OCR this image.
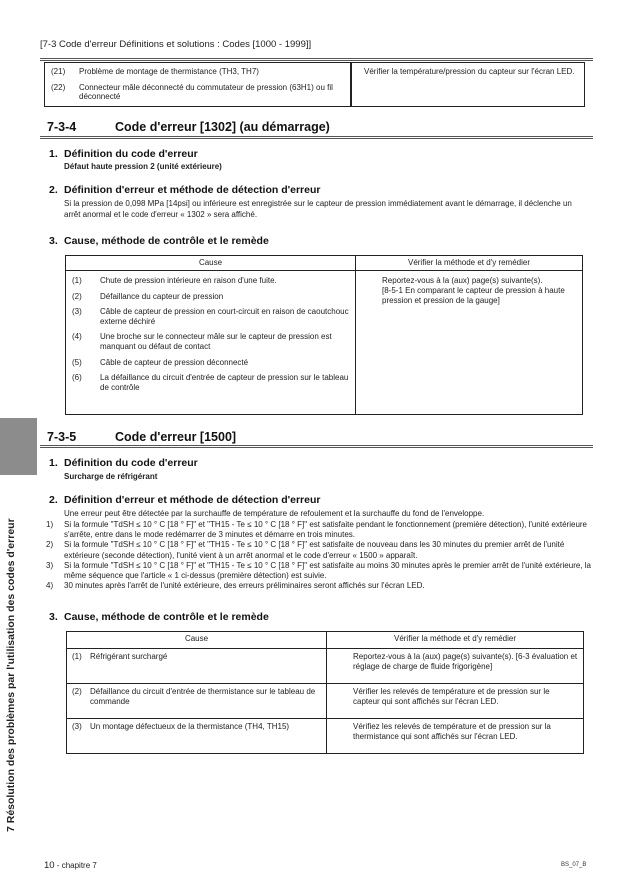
[7-3 Code d'erreur Définitions et solutions : Codes [1000 - 1999]]
(21)	Problème de montage de thermistance (TH3, TH7)
(22)	Connecteur mâle déconnecté du commutateur de pression (63H1) ou fil déconnecté
	Vérifier la température/pression du capteur sur l'écran LED.
7-3-4	Code d'erreur [1302] (au démarrage)
1. Définition du code d'erreur
Défaut haute pression 2 (unité extérieure)
2. Définition d'erreur et méthode de détection d'erreur
Si la pression de 0,098 MPa [14psi] ou inférieure est enregistrée sur le capteur de pression immédiatement avant le démarrage, il déclenche un arrêt anormal et le code d'erreur « 1302 » sera affiché.
3. Cause, méthode de contrôle et le remède
Cause	Vérifier la méthode et d'y remédier

(1)	Chute de pression intérieure en raison d'une fuite.
(2)	Défaillance du capteur de pression
(3)	Câble de capteur de pression en court-circuit en raison de caoutchouc externe déchiré
(4)	Une broche sur le connecteur mâle sur le capteur de pression est manquant ou défaut de contact
(5)	Câble de capteur de pression déconnecté
(6)	La défaillance du circuit d'entrée de capteur de pression sur le tableau de contrôle

Reportez-vous à la (aux) page(s) suivante(s).
[8-5-1 En comparant le capteur de pression à haute pression et pression de la gauge]
7 Résolution des problèmes par l'utilisation des codes d'erreur
7-3-5	Code d'erreur [1500]
1. Définition du code d'erreur
Surcharge de réfrigérant
2. Définition d'erreur et méthode de détection d'erreur
Une erreur peut être détectée par la surchauffe de température de refoulement et la surchauffe du fond de l'enveloppe.
1)	Si la formule "TdSH ≤ 10 ° C [18 ° F]" et "TH15 - Te ≤ 10 ° C [18 ° F]" est satisfaite pendant le fonctionnement (première détection), l'unité extérieure s'arrête, entre dans le mode redémarrer de 3 minutes et démarre en trois minutes.
2)	Si la formule "TdSH ≤ 10 ° C [18 ° F]" et "TH15 - Te ≤ 10 ° C [18 ° F]" est satisfaite de nouveau dans les 30 minutes du premier arrêt de l'unité extérieure (seconde détection), l'unité vient à un arrêt anormal et le code d'erreur « 1500 » apparaît.
3)	Si la formule "TdSH ≤ 10 ° C [18 ° F]" et "TH15 - Te ≤ 10 ° C [18 ° F]" est satisfaite au moins 30 minutes après le premier arrêt de l'unité extérieure, la même séquence que l'article « 1 ci-dessus (première détection) est suivie.
4)	30 minutes après l'arrêt de l'unité extérieure, des erreurs préliminaires seront affichés sur l'écran LED.
3. Cause, méthode de contrôle et le remède
Cause	Vérifier la méthode et d'y remédier

(1) Réfrigérant surchargé	Reportez-vous à la (aux) page(s) suivante(s). [6-3 évaluation et réglage de charge de fluide frigorigène]

(2) Défaillance du circuit d'entrée de thermistance sur le tableau de commande	Vérifier les relevés de température et de pression sur le capteur qui sont affichés sur l'écran LED.

(3) Un montage défectueux de la thermistance (TH4, TH15)	Vérifiez les relevés de température et de pression sur la thermistance qui sont affichés sur l'écran LED.
10 - chapitre 7	BS_07_B
